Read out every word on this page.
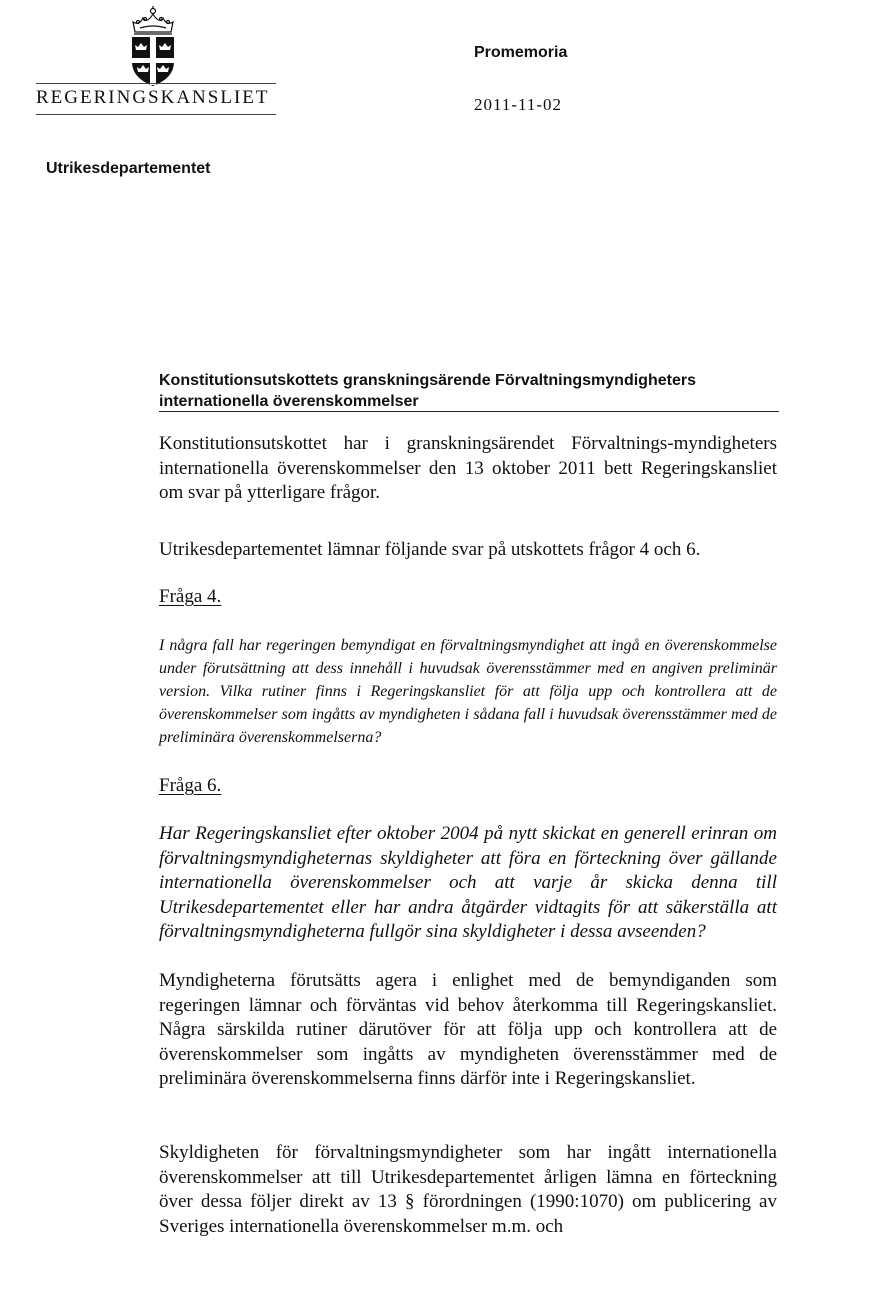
REGERINGSKANSLIET
Promemoria
2011-11-02
Utrikesdepartementet
Konstitutionsutskottets granskningsärende Förvaltningsmyndigheters
internationella överenskommelser
Konstitutionsutskottet har i granskningsärendet Förvaltnings-myndigheters internationella överenskommelser den 13 oktober 2011 bett Regeringskansliet om svar på ytterligare frågor.
Utrikesdepartementet lämnar följande svar på utskottets frågor 4 och 6.
Fråga 4.
I några fall har regeringen bemyndigat en förvaltningsmyndighet att ingå en överenskommelse under förutsättning att dess innehåll i huvudsak överensstämmer med en angiven preliminär version. Vilka rutiner finns i Regeringskansliet för att följa upp och kontrollera att de överenskommelser som ingåtts av myndigheten i sådana fall i huvudsak överensstämmer med de preliminära överenskommelserna?
Fråga 6.
Har Regeringskansliet efter oktober 2004 på nytt skickat en generell erinran om förvaltningsmyndigheternas skyldigheter att föra en förteckning över gällande internationella överenskommelser och att varje år skicka denna till Utrikesdepartementet eller har andra åtgärder vidtagits för att säkerställa att förvaltningsmyndigheterna fullgör sina skyldigheter i dessa avseenden?
Myndigheterna förutsätts agera i enlighet med de bemyndiganden som regeringen lämnar och förväntas vid behov återkomma till Regeringskansliet. Några särskilda rutiner därutöver för att följa upp och kontrollera att de överenskommelser som ingåtts av myndigheten överensstämmer med de preliminära överenskommelserna finns därför inte i Regeringskansliet.
Skyldigheten för förvaltningsmyndigheter som har ingått internationella överenskommelser att till Utrikesdepartementet årligen lämna en förteckning över dessa följer direkt av 13 § förordningen (1990:1070) om publicering av Sveriges internationella överenskommelser m.m. och
